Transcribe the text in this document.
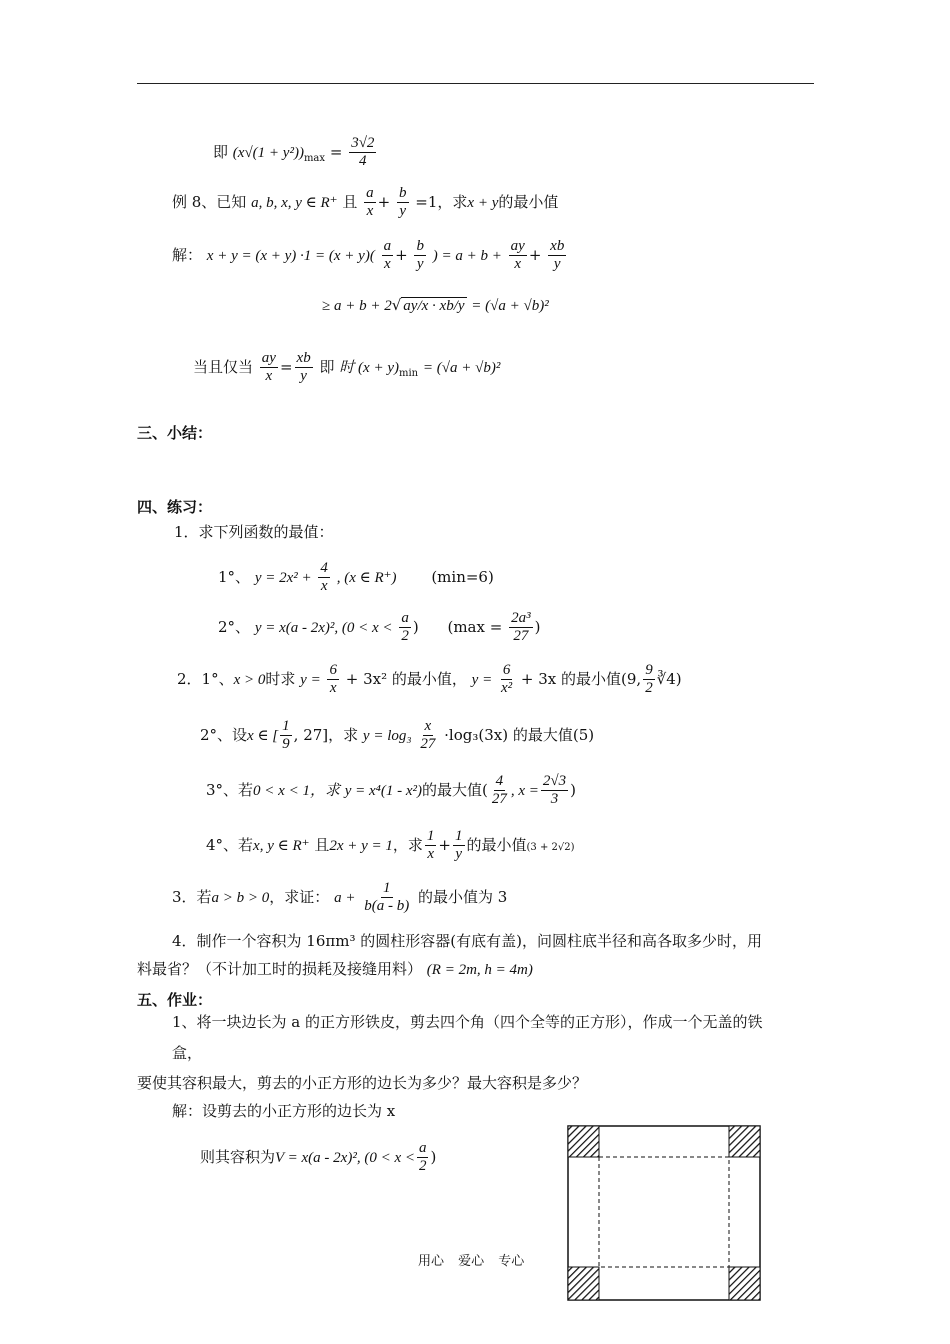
即 $(x√(1 + y^2))_{max} = \frac{3√2}{4}$
例 8、已知 a, b, x, y ∈ R⁺ 且 $\frac{a}{x} + \frac{b}{y} =1$，求x + y的最小值
解： $x + y = (x + y) \cdot 1 = (x + y)( \frac{a}{x} + \frac{b}{y}$ ) = $a + b + \frac{ay}{x} + \frac{xb}{y}$
≥ a + b + 2√ ay/x · xb/y = (√a + √b)²
当且仅当 $\frac{ay}{x} = \frac{xb}{y}$ 即 时 $(x + y)_{min} = (√a + √b)^2$
三、小结：
四、练习：
1．求下列函数的最值：
1°、 $y = 2x^2 + \frac{4}{x}$ , (x ∈ R⁺) (min=6)
2°、 y = x(a - 2x)², ($0 < x < \frac{a}{2}$ ) ($\max = \frac{\text{2a³}}{27}$ )
2．1°、x > 0时求 $y = \frac{6}{x} + 3x^2$ 的最小值， $y = \frac{6}{\text{x²}} + 3x$ 的最小值(9, $\frac{9}{2}$ ∛4)
2°、设x ∈ [ $\frac{1}{9}$ , 27]，求 $y = \log_3 \frac{x}{27} \cdot\log_3(3x)$ 的最大值(5)
3°、若0 < x < 1，求 y = x⁴(1 - x²)的最大值( $\frac{4}{27}$ , $x = \frac{2√3}{3}$ )
4°、若x, y ∈ R⁺ 且2x + y = 1，求 $\frac{1}{x} + \frac{1}{y}$ 的最小值(3 + 2√2)
3．若a > b > 0，求证： $a + \frac{1}{b(a - b)}$ 的最小值为 3
4．制作一个容积为 16πm³ 的圆柱形容器(有底有盖)，问圆柱底半径和高各取多少时，用
料最省？（不计加工时的损耗及接缝用料） (R = 2m, h = 4m)
五、作业：
1、将一块边长为 a 的正方形铁皮，剪去四个角（四个全等的正方形），作成一个无盖的铁
盒，
要使其容积最大，剪去的小正方形的边长为多少？最大容积是多少？
解：设剪去的小正方形的边长为 x
则其容积为V = x(a - 2x)², ($0 < x < \frac{a}{2}$ )
用心 爱心 专心
